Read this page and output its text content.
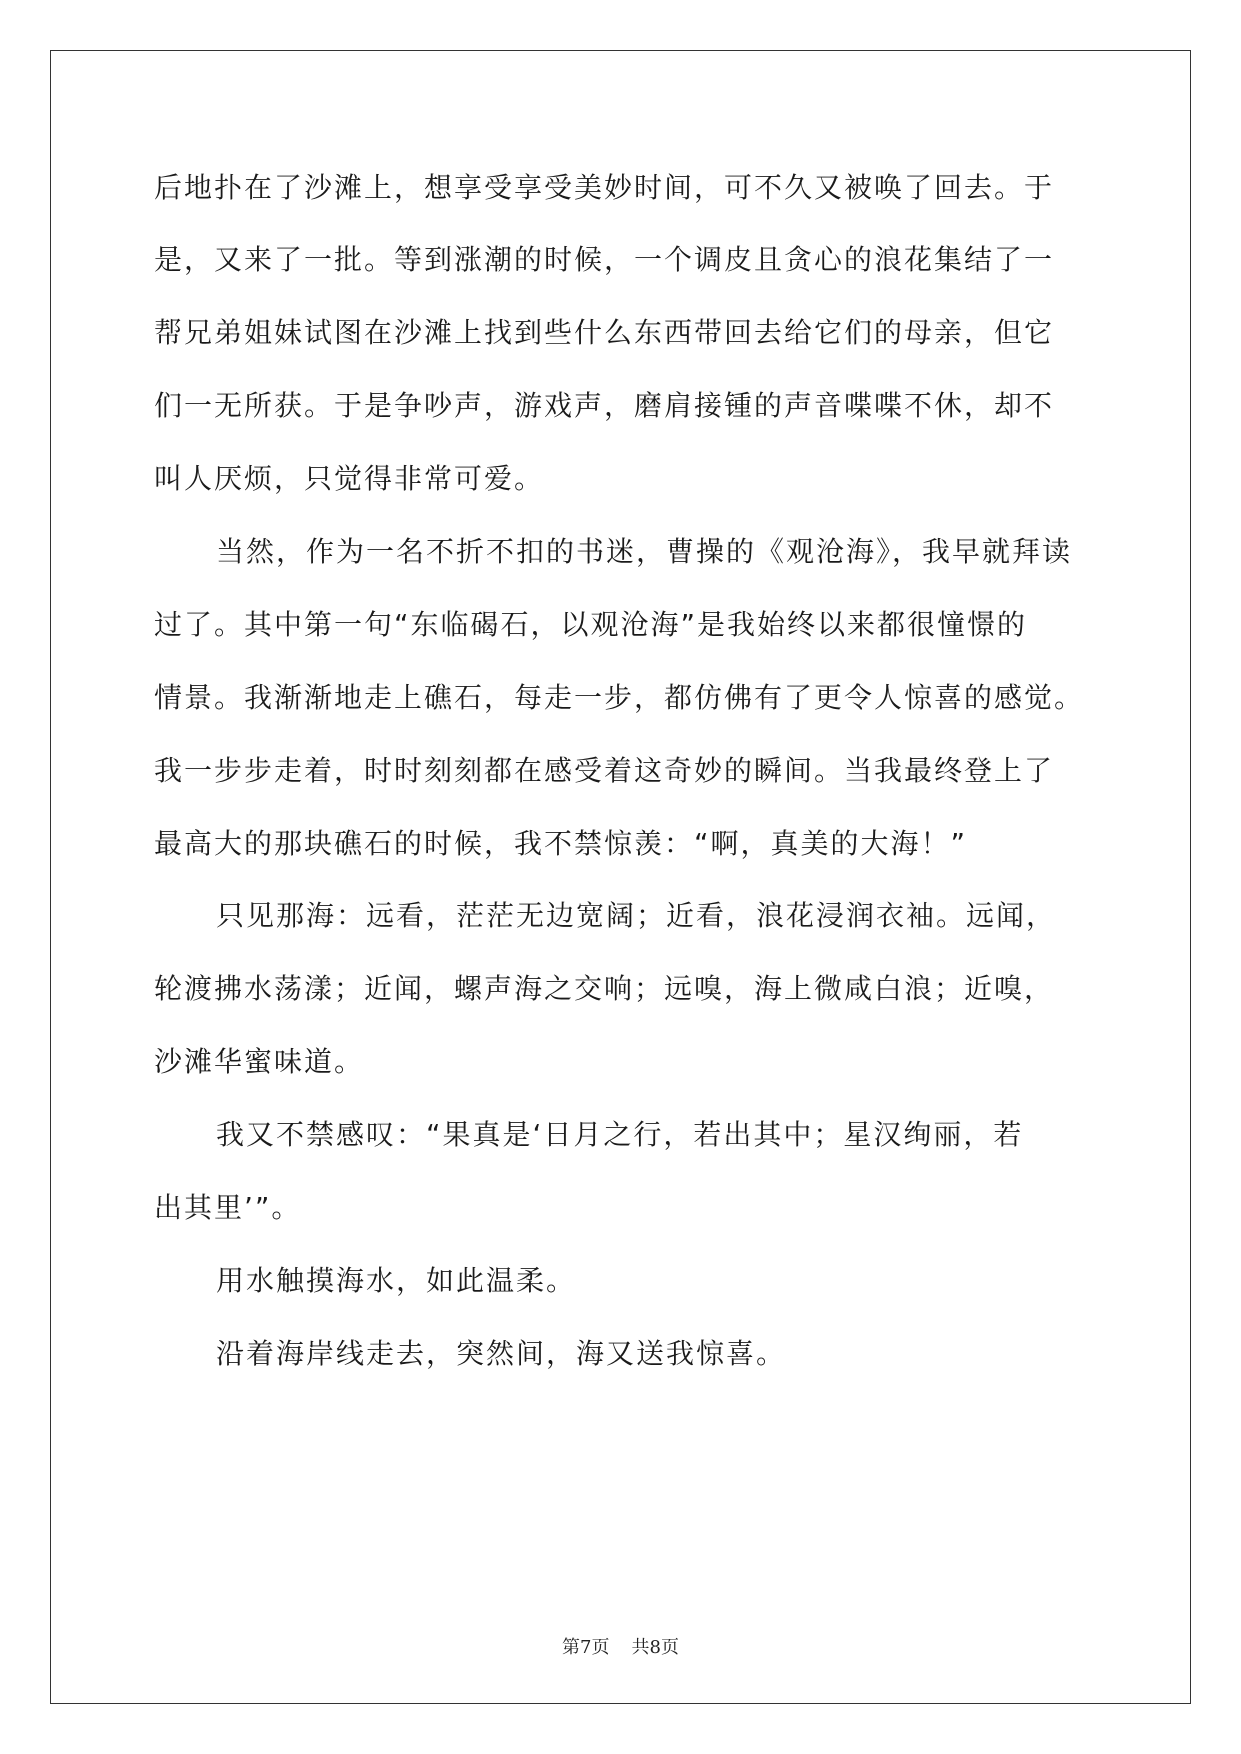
后地扑在了沙滩上，想享受享受美妙时间，可不久又被唤了回去。于
是，又来了一批。等到涨潮的时候，一个调皮且贪心的浪花集结了一
帮兄弟姐妹试图在沙滩上找到些什么东西带回去给它们的母亲，但它
们一无所获。于是争吵声，游戏声，磨肩接锺的声音喋喋不休，却不
叫人厌烦，只觉得非常可爱。
当然，作为一名不折不扣的书迷，曹操的《观沧海》，我早就拜读
过了。其中第一句“东临碣石，以观沧海”是我始终以来都很憧憬的
情景。我渐渐地走上礁石，每走一步，都仿佛有了更令人惊喜的感觉。
我一步步走着，时时刻刻都在感受着这奇妙的瞬间。当我最终登上了
最高大的那块礁石的时候，我不禁惊羡：“啊，真美的大海！”
只见那海：远看，茫茫无边宽阔；近看，浪花浸润衣袖。远闻，
轮渡拂水荡漾；近闻，螺声海之交响；远嗅，海上微咸白浪；近嗅，
沙滩华蜜味道。
我又不禁感叹：“果真是‘日月之行，若出其中；星汉绚丽，若
出其里’”。
用水触摸海水，如此温柔。
沿着海岸线走去，突然间，海又送我惊喜。
第7页 共8页
